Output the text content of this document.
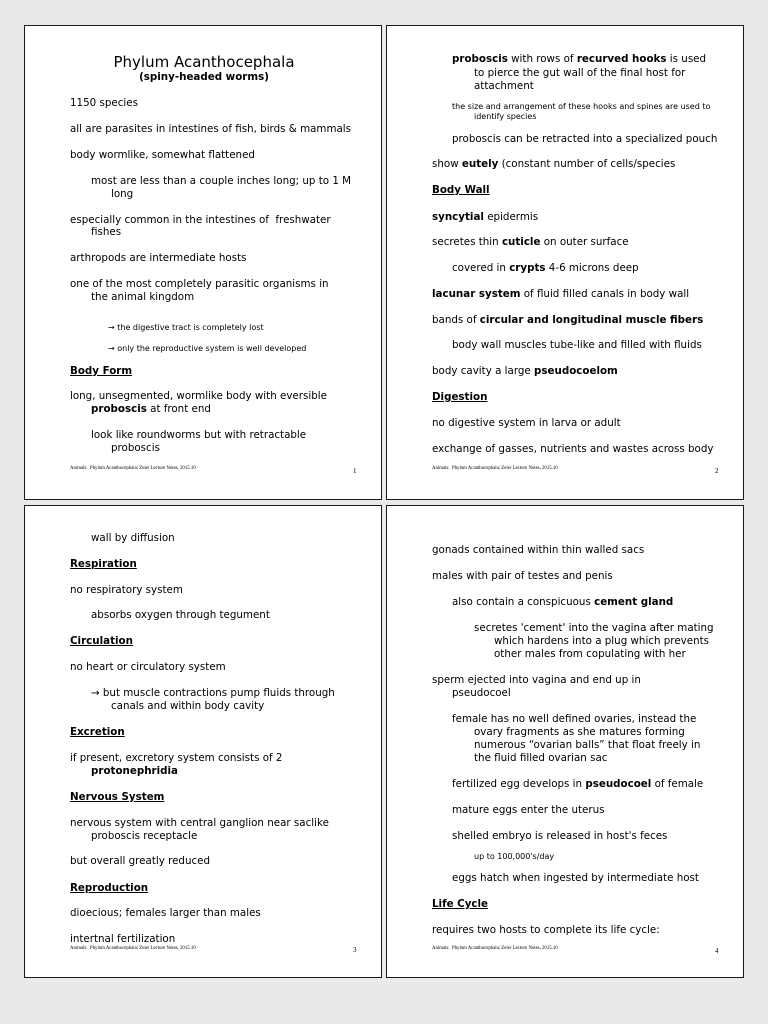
Phylum Acanthocephala
(spiny-headed worms)
1150 species
all are parasites in intestines of fish, birds & mammals
body wormlike, somewhat flattened
most are less than a couple inches long; up to 1 M
long
especially common in the intestines of  freshwater
fishes
arthropods are intermediate hosts
one of the most completely parasitic organisms in
the animal kingdom
→ the digestive tract is completely lost
→ only the reproductive system is well developed
Body Form
long, unsegmented, wormlike body with eversible
proboscis at front end
look like roundworms but with retractable
proboscis
Animals:  Phylum Acanthocephala; Zeier Lecture Notes, 2015.10	1
proboscis with rows of recurved hooks is used
to pierce the gut wall of the final host for
attachment
the size and arrangement of these hooks and spines are used to
identify species
proboscis can be retracted into a specialized pouch
show eutely (constant number of cells/species
Body Wall
syncytial epidermis
secretes thin cuticle on outer surface
covered in crypts 4-6 microns deep
lacunar system of fluid filled canals in body wall
bands of circular and longitudinal muscle fibers
body wall muscles tube-like and filled with fluids
body cavity a large pseudocoelom
Digestion
no digestive system in larva or adult
exchange of gasses, nutrients and wastes across body
Animals:  Phylum Acanthocephala; Zeier Lecture Notes, 2015.10	2
wall by diffusion
Respiration
no respiratory system
absorbs oxygen through tegument
Circulation
no heart or circulatory system
→ but muscle contractions pump fluids through
canals and within body cavity
Excretion
if present, excretory system consists of 2
protonephridia
Nervous System
nervous system with central ganglion near saclike
proboscis receptacle
but overall greatly reduced
Reproduction
dioecious; females larger than males
intertnal fertilization
Animals:  Phylum Acanthocephala; Zeier Lecture Notes, 2015.10	3
gonads contained within thin walled sacs
males with pair of testes and penis
also contain a conspicuous cement gland
secretes 'cement' into the vagina after mating
which hardens into a plug which prevents
other males from copulating with her
sperm ejected into vagina and end up in
pseudocoel
female has no well defined ovaries, instead the
ovary fragments as she matures forming
numerous “ovarian balls” that float freely in
the fluid filled ovarian sac
fertilized egg develops in pseudocoel of female
mature eggs enter the uterus
shelled embryo is released in host's feces
up to 100,000's/day
eggs hatch when ingested by intermediate host
Life Cycle
requires two hosts to complete its life cycle:
Animals:  Phylum Acanthocephala; Zeier Lecture Notes, 2015.10	4
